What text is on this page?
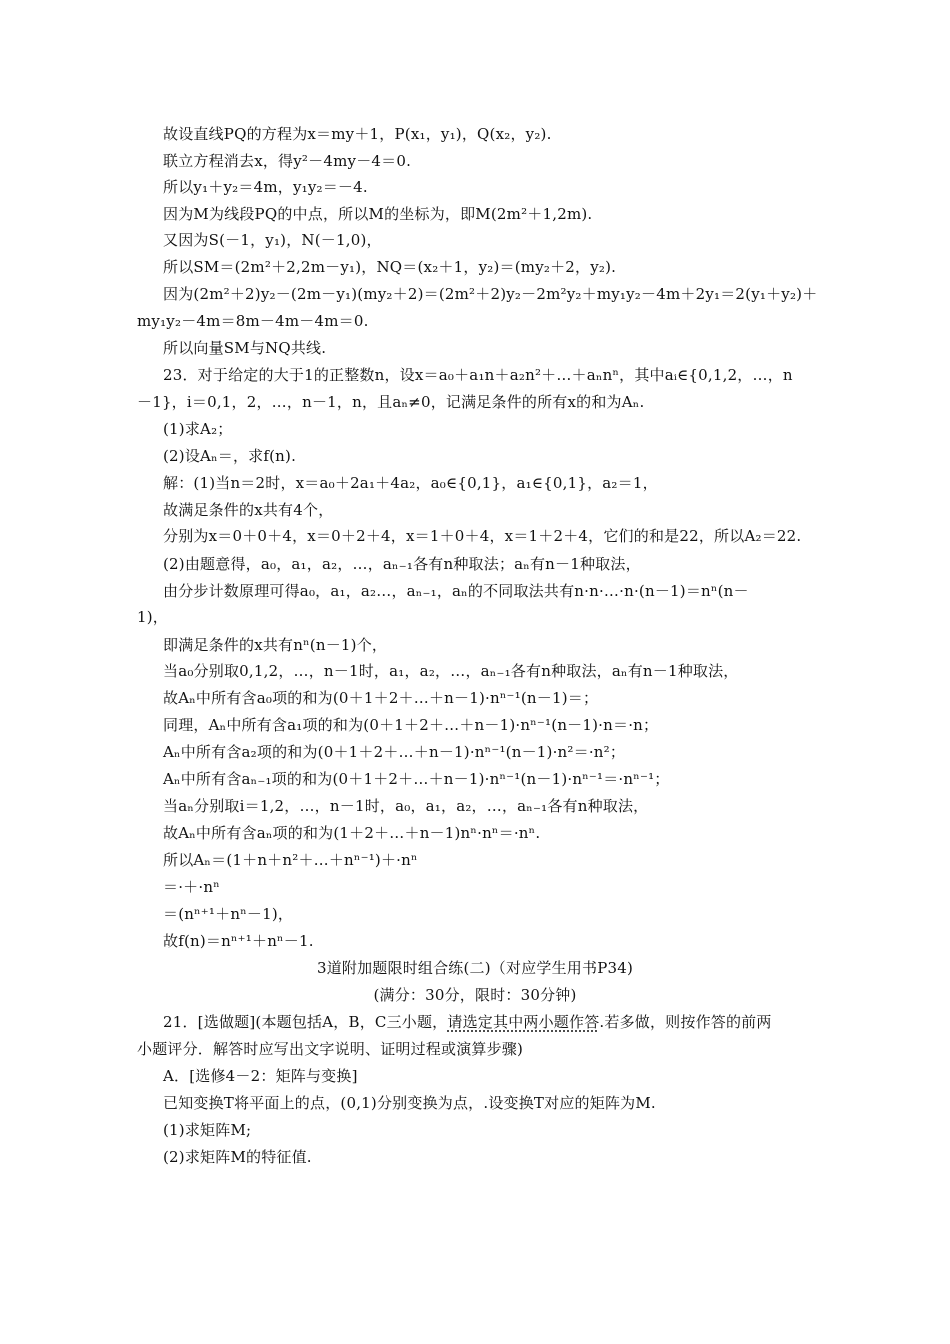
故设直线PQ的方程为x＝my＋1，P(x₁，y₁)，Q(x₂，y₂).
联立方程消去x，得y²－4my－4＝0.
所以y₁＋y₂＝4m，y₁y₂＝－4.
因为M为线段PQ的中点，所以M的坐标为，即M(2m²＋1,2m).
又因为S(－1，y₁)，N(－1,0)，
所以SM＝(2m²＋2,2m－y₁)，NQ＝(x₂＋1，y₂)＝(my₂＋2，y₂).
因为(2m²＋2)y₂－(2m－y₁)(my₂＋2)＝(2m²＋2)y₂－2m²y₂＋my₁y₂－4m＋2y₁＝2(y₁＋y₂)＋
my₁y₂－4m＝8m－4m－4m＝0.
所以向量SM与NQ共线.
23．对于给定的大于1的正整数n，设x＝a₀＋a₁n＋a₂n²＋…＋aₙnⁿ，其中aᵢ∈{0,1,2，…，n
－1}，i＝0,1，2，…，n－1，n，且aₙ≠0，记满足条件的所有x的和为Aₙ.
(1)求A₂；
(2)设Aₙ＝，求f(n).
解：(1)当n＝2时，x＝a₀＋2a₁＋4a₂，a₀∈{0,1}，a₁∈{0,1}，a₂＝1，
故满足条件的x共有4个，
分别为x＝0＋0＋4，x＝0＋2＋4，x＝1＋0＋4，x＝1＋2＋4，它们的和是22，所以A₂＝22.
(2)由题意得，a₀，a₁，a₂，…，aₙ₋₁各有n种取法；aₙ有n－1种取法，
由分步计数原理可得a₀，a₁，a₂…，aₙ₋₁，aₙ的不同取法共有n·n·…·n·(n－1)＝nⁿ(n－
1)，
即满足条件的x共有nⁿ(n－1)个，
当a₀分别取0,1,2，…，n－1时，a₁，a₂，…，aₙ₋₁各有n种取法，aₙ有n－1种取法，
故Aₙ中所有含a₀项的和为(0＋1＋2＋…＋n－1)·nⁿ⁻¹(n－1)＝；
同理，Aₙ中所有含a₁项的和为(0＋1＋2＋…＋n－1)·nⁿ⁻¹(n－1)·n＝·n；
Aₙ中所有含a₂项的和为(0＋1＋2＋…＋n－1)·nⁿ⁻¹(n－1)·n²＝·n²；
Aₙ中所有含aₙ₋₁项的和为(0＋1＋2＋…＋n－1)·nⁿ⁻¹(n－1)·nⁿ⁻¹＝·nⁿ⁻¹；
当aₙ分别取i＝1,2，…，n－1时，a₀，a₁，a₂，…，aₙ₋₁各有n种取法，
故Aₙ中所有含aₙ项的和为(1＋2＋…＋n－1)nⁿ·nⁿ＝·nⁿ.
所以Aₙ＝(1＋n＋n²＋…＋nⁿ⁻¹)＋·nⁿ
＝·＋·nⁿ
＝(nⁿ⁺¹＋nⁿ－1)，
故f(n)＝nⁿ⁺¹＋nⁿ－1.
3道附加题限时组合练(二)（对应学生用书P34)
(满分：30分，限时：30分钟)
21．[选做题](本题包括A，B，C三小题，请选定其中两小题作答.若多做，则按作答的前两
小题评分．解答时应写出文字说明、证明过程或演算步骤)
A．[选修4－2：矩阵与变换]
已知变换T将平面上的点，(0,1)分别变换为点，.设变换T对应的矩阵为M.
(1)求矩阵M;
(2)求矩阵M的特征值.
